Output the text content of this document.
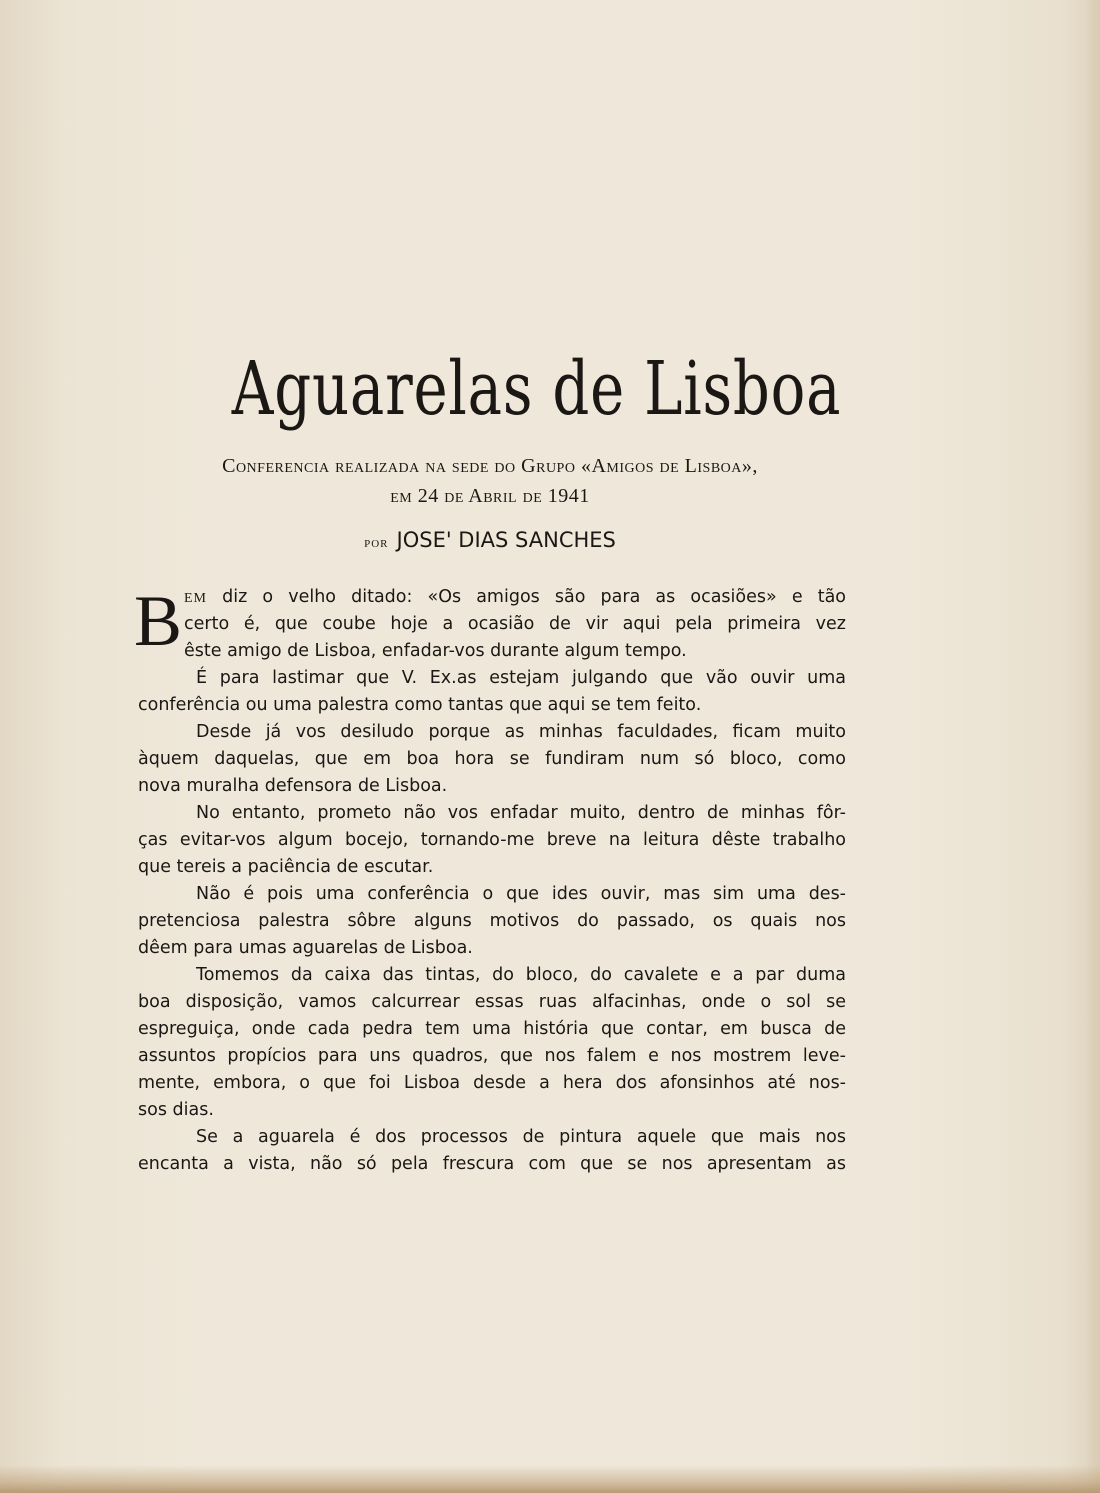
Aguarelas de Lisboa
Conferencia realizada na sede do Grupo «Amigos de Lisboa»,
em 24 de Abril de 1941
por JOSE' DIAS SANCHES
B EM diz o velho ditado: «Os amigos são para as ocasiões» e tão
certo é, que coube hoje a ocasião de vir aqui pela primeira vez
êste amigo de Lisboa, enfadar-vos durante algum tempo.
É para lastimar que V. Ex.as estejam julgando que vão ouvir uma
conferência ou uma palestra como tantas que aqui se tem feito.
Desde já vos desiludo porque as minhas faculdades, ficam muito
àquem daquelas, que em boa hora se fundiram num só bloco, como
nova muralha defensora de Lisboa.
No entanto, prometo não vos enfadar muito, dentro de minhas fôr-
ças evitar-vos algum bocejo, tornando-me breve na leitura dêste trabalho
que tereis a paciência de escutar.
Não é pois uma conferência o que ides ouvir, mas sim uma des-
pretenciosa palestra sôbre alguns motivos do passado, os quais nos
dêem para umas aguarelas de Lisboa.
Tomemos da caixa das tintas, do bloco, do cavalete e a par duma
boa disposição, vamos calcurrear essas ruas alfacinhas, onde o sol se
espreguiça, onde cada pedra tem uma história que contar, em busca de
assuntos propícios para uns quadros, que nos falem e nos mostrem leve-
mente, embora, o que foi Lisboa desde a hera dos afonsinhos até nos-
sos dias.
Se a aguarela é dos processos de pintura aquele que mais nos
encanta a vista, não só pela frescura com que se nos apresentam as
